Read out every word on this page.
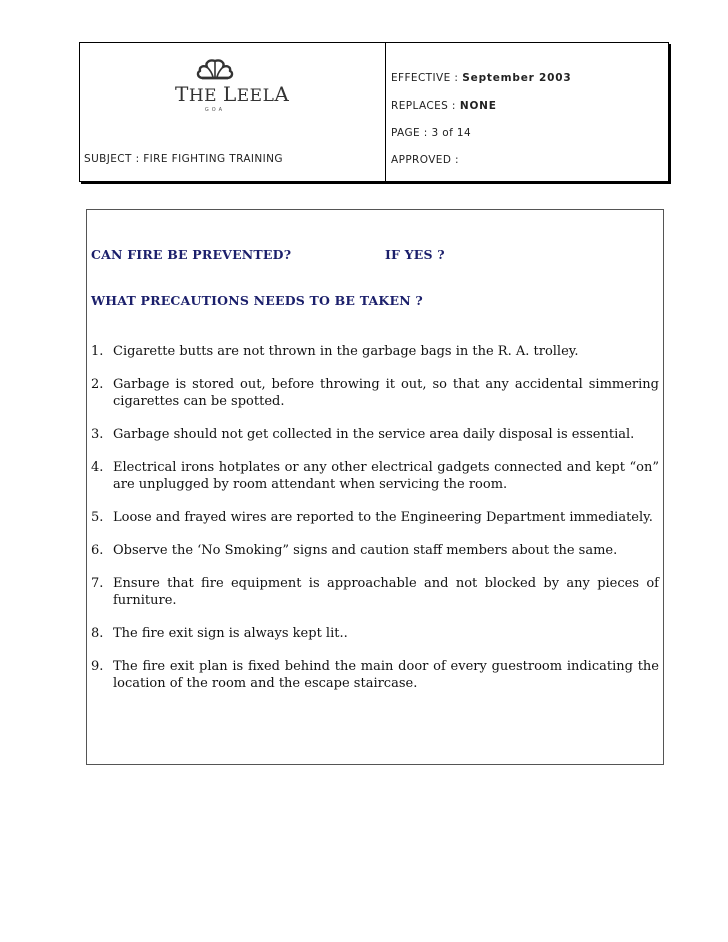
THE LEELA
GOA
SUBJECT : FIRE FIGHTING TRAINING
EFFECTIVE : September 2003
REPLACES : NONE
PAGE : 3 of 14
APPROVED :
CAN FIRE BE PREVENTED?	IF YES ?
WHAT PRECAUTIONS NEEDS TO BE TAKEN ?
1. Cigarette butts are not thrown in the garbage bags in the R. A. trolley.
2. Garbage is stored out, before throwing it out, so that any accidental simmering cigarettes can be spotted.
3. Garbage should not get collected in the service area daily disposal is essential.
4. Electrical irons hotplates or any other electrical gadgets connected and kept “on” are unplugged by room attendant when servicing the room.
5. Loose and frayed wires are reported to the Engineering Department immediately.
6. Observe the ‘No Smoking” signs and caution staff members about the same.
7. Ensure that fire equipment is approachable and not blocked by any pieces of furniture.
8. The fire exit sign is always kept lit..
9. The fire exit plan is fixed behind the main door of every guestroom indicating the location of the room and the escape staircase.
